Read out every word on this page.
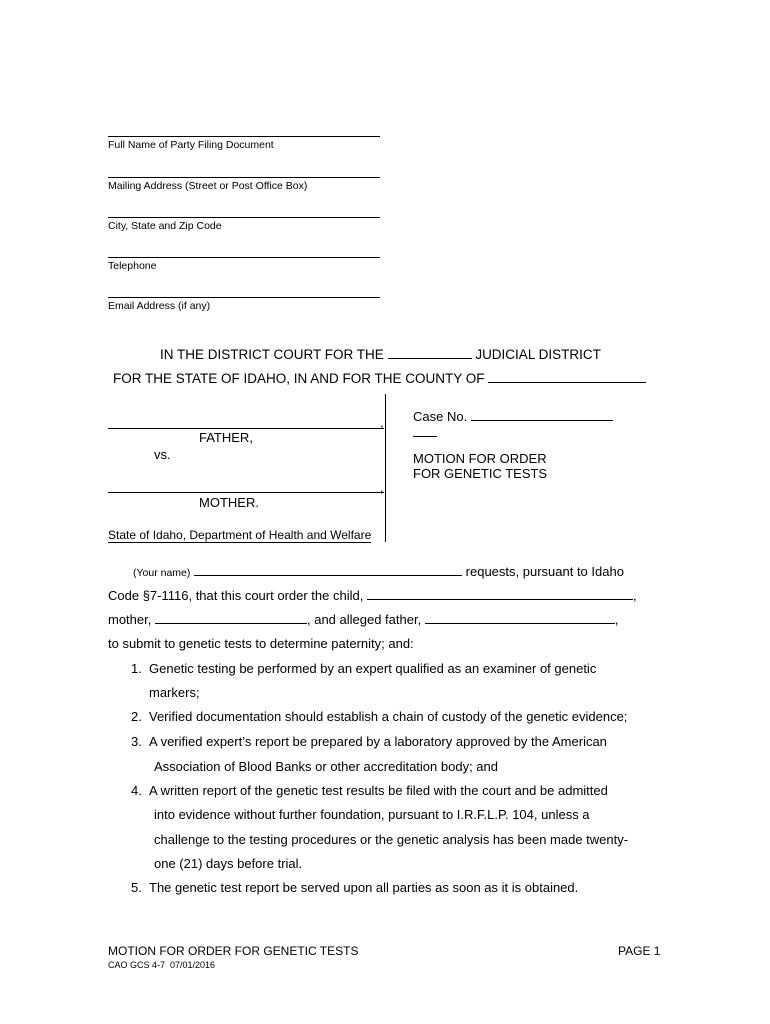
Full Name of Party Filing Document
Mailing Address (Street or Post Office Box)
City, State and Zip Code
Telephone
Email Address (if any)
IN THE DISTRICT COURT FOR THE	JUDICIAL DISTRICT
FOR THE STATE OF IDAHO, IN AND FOR THE COUNTY OF
,
FATHER,
vs.
,
MOTHER.
State of Idaho, Department of Health and Welfare
Case No.
MOTION FOR ORDER
FOR GENETIC TESTS
(Your name)	requests, pursuant to Idaho
Code §7-1116, that this court order the child,	,
mother,	, and alleged father,	,
to submit to genetic tests to determine paternity; and:
1. Genetic testing be performed by an expert qualified as an examiner of genetic
markers;
2. Verified documentation should establish a chain of custody of the genetic evidence;
3. A verified expert’s report be prepared by a laboratory approved by the American
Association of Blood Banks or other accreditation body; and
4. A written report of the genetic test results be filed with the court and be admitted
into evidence without further foundation, pursuant to I.R.F.L.P. 104, unless a
challenge to the testing procedures or the genetic analysis has been made twenty-
one (21) days before trial.
5. The genetic test report be served upon all parties as soon as it is obtained.
MOTION FOR ORDER FOR GENETIC TESTS	PAGE 1
CAO GCS 4-7  07/01/2016
